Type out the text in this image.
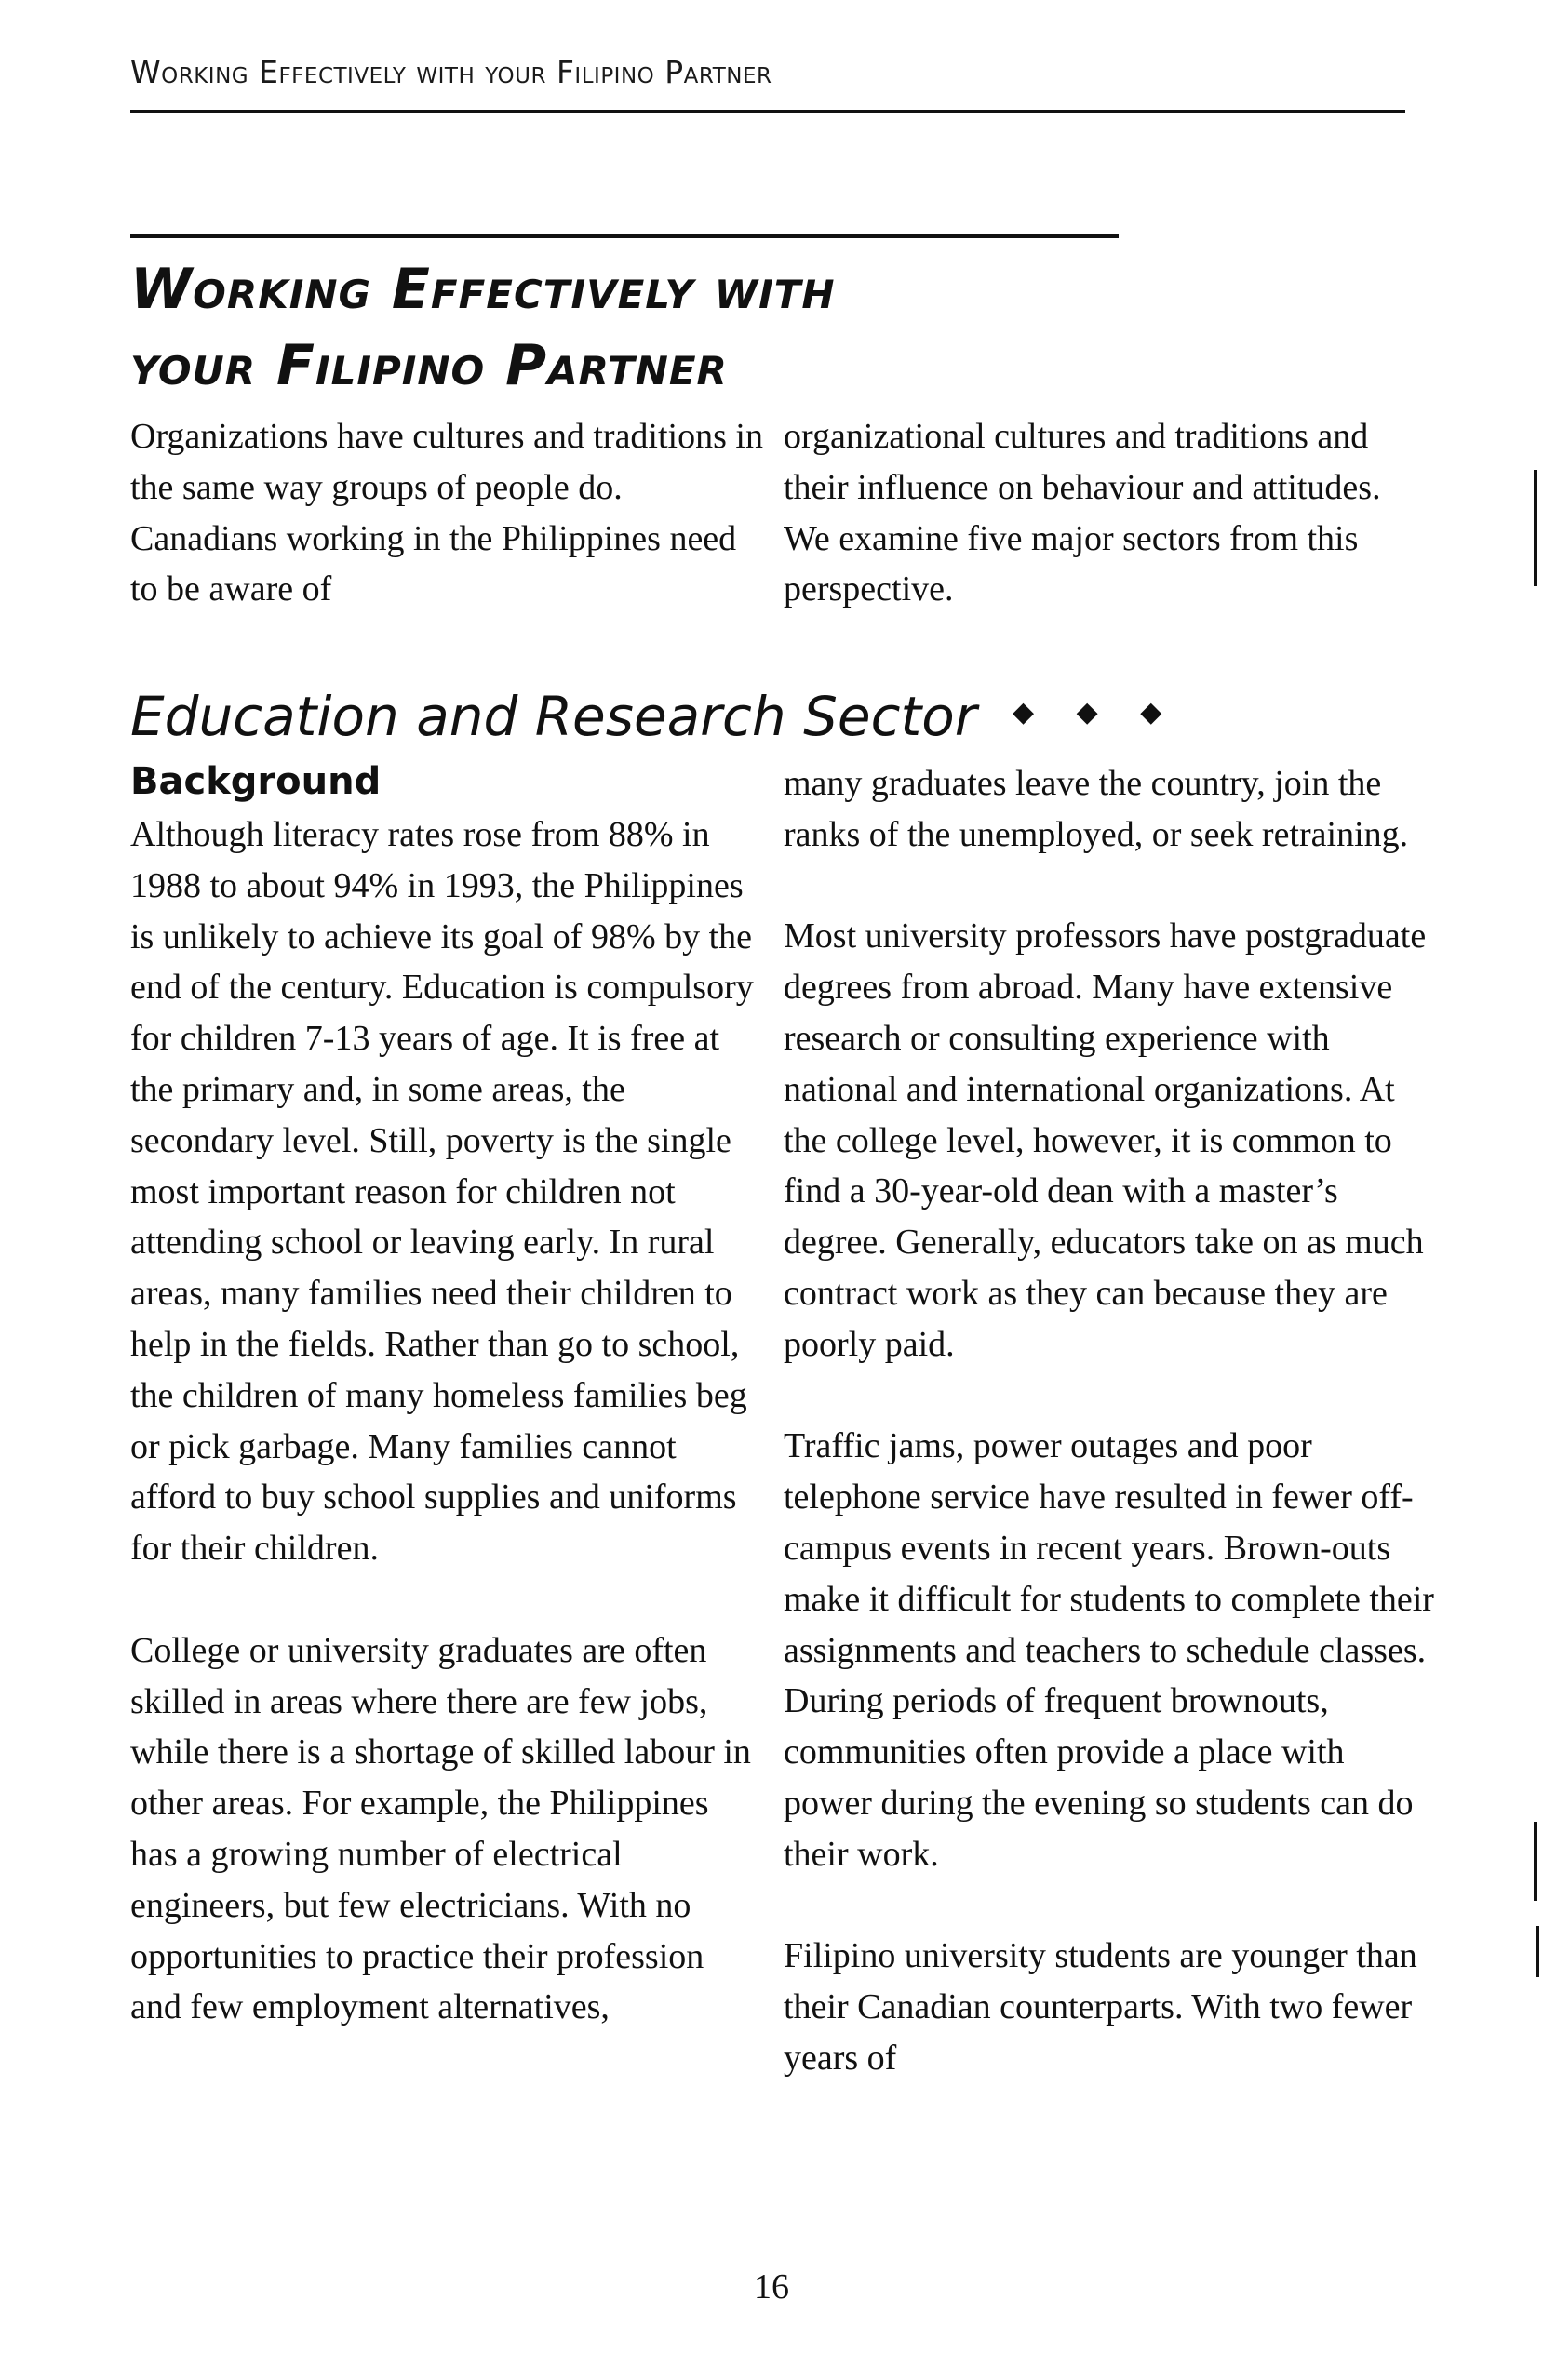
Working Effectively with your Filipino Partner
Working Effectively with
your Filipino Partner

Organizations have cultures and traditions in the same way groups of people do. Canadians working in the Philippines need to be aware of

organizational cultures and traditions and their influence on behaviour and attitudes. We examine five major sectors from this perspective.

Education and Research Sector ◆ ◆ ◆
Background

Although literacy rates rose from 88% in 1988 to about 94% in 1993, the Philippines is unlikely to achieve its goal of 98% by the end of the century. Education is compulsory for children 7-13 years of age. It is free at the primary and, in some areas, the secondary level. Still, poverty is the single most important reason for children not attending school or leaving early. In rural areas, many families need their children to help in the fields. Rather than go to school, the children of many homeless families beg or pick garbage. Many families cannot afford to buy school supplies and uniforms for their children.

College or university graduates are often skilled in areas where there are few jobs, while there is a shortage of skilled labour in other areas. For example, the Philippines has a growing number of electrical engineers, but few electricians. With no opportunities to practice their profession and few employment alternatives,

many graduates leave the country, join the ranks of the unemployed, or seek retraining.

Most university professors have postgraduate degrees from abroad. Many have extensive research or consulting experience with national and international organizations. At the college level, however, it is common to find a 30-year-old dean with a master’s degree. Generally, educators take on as much contract work as they can because they are poorly paid.

Traffic jams, power outages and poor telephone service have resulted in fewer off-campus events in recent years. Brown-outs make it difficult for students to complete their assignments and teachers to schedule classes. During periods of frequent brownouts, communities often provide a place with power during the evening so students can do their work.

Filipino university students are younger than their Canadian counterparts. With two fewer years of

16
